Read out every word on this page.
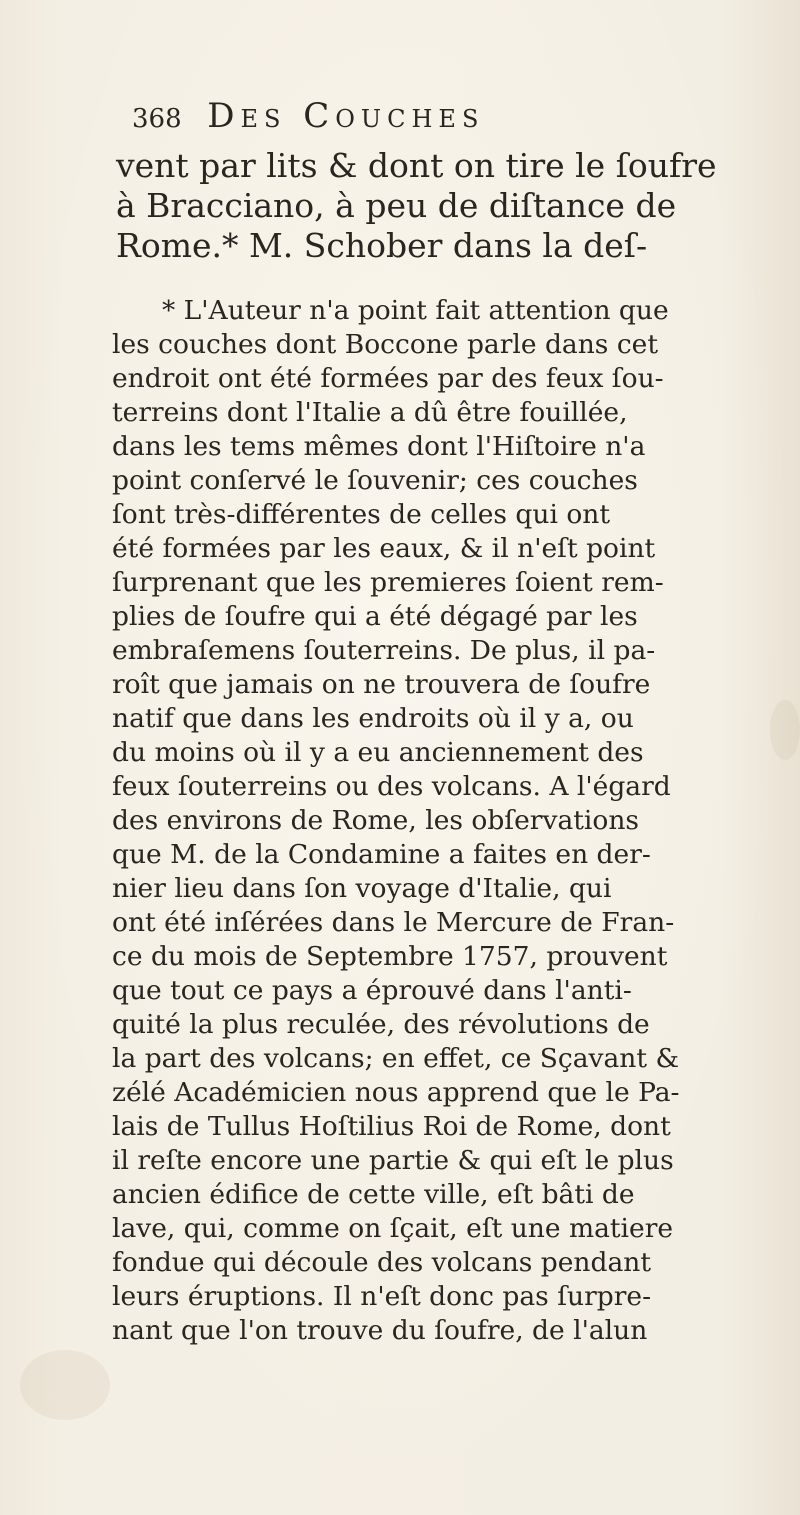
368 Des Couches
vent par lits & dont on tire le ſoufre
à Bracciano, à peu de diſtance de
Rome.* M. Schober dans la deſ-
* L'Auteur n'a point fait attention que
les couches dont Boccone parle dans cet
endroit ont été formées par des feux ſou-
terreins dont l'Italie a dû être fouillée,
dans les tems mêmes dont l'Hiſtoire n'a
point conſervé le ſouvenir; ces couches
ſont très-différentes de celles qui ont
été formées par les eaux, & il n'eſt point
ſurprenant que les premieres ſoient rem-
plies de ſoufre qui a été dégagé par les
embraſemens ſouterreins. De plus, il pa-
roît que jamais on ne trouvera de ſoufre
natif que dans les endroits où il y a, ou
du moins où il y a eu anciennement des
feux ſouterreins ou des volcans. A l'égard
des environs de Rome, les obſervations
que M. de la Condamine a faites en der-
nier lieu dans ſon voyage d'Italie, qui
ont été inſérées dans le Mercure de Fran-
ce du mois de Septembre 1757, prouvent
que tout ce pays a éprouvé dans l'anti-
quité la plus reculée, des révolutions de
la part des volcans; en effet, ce Sçavant &
zélé Académicien nous apprend que le Pa-
lais de Tullus Hoſtilius Roi de Rome, dont
il reſte encore une partie & qui eſt le plus
ancien édifice de cette ville, eſt bâti de
lave, qui, comme on ſçait, eſt une matiere
fondue qui découle des volcans pendant
leurs éruptions. Il n'eſt donc pas ſurpre-
nant que l'on trouve du ſoufre, de l'alun
